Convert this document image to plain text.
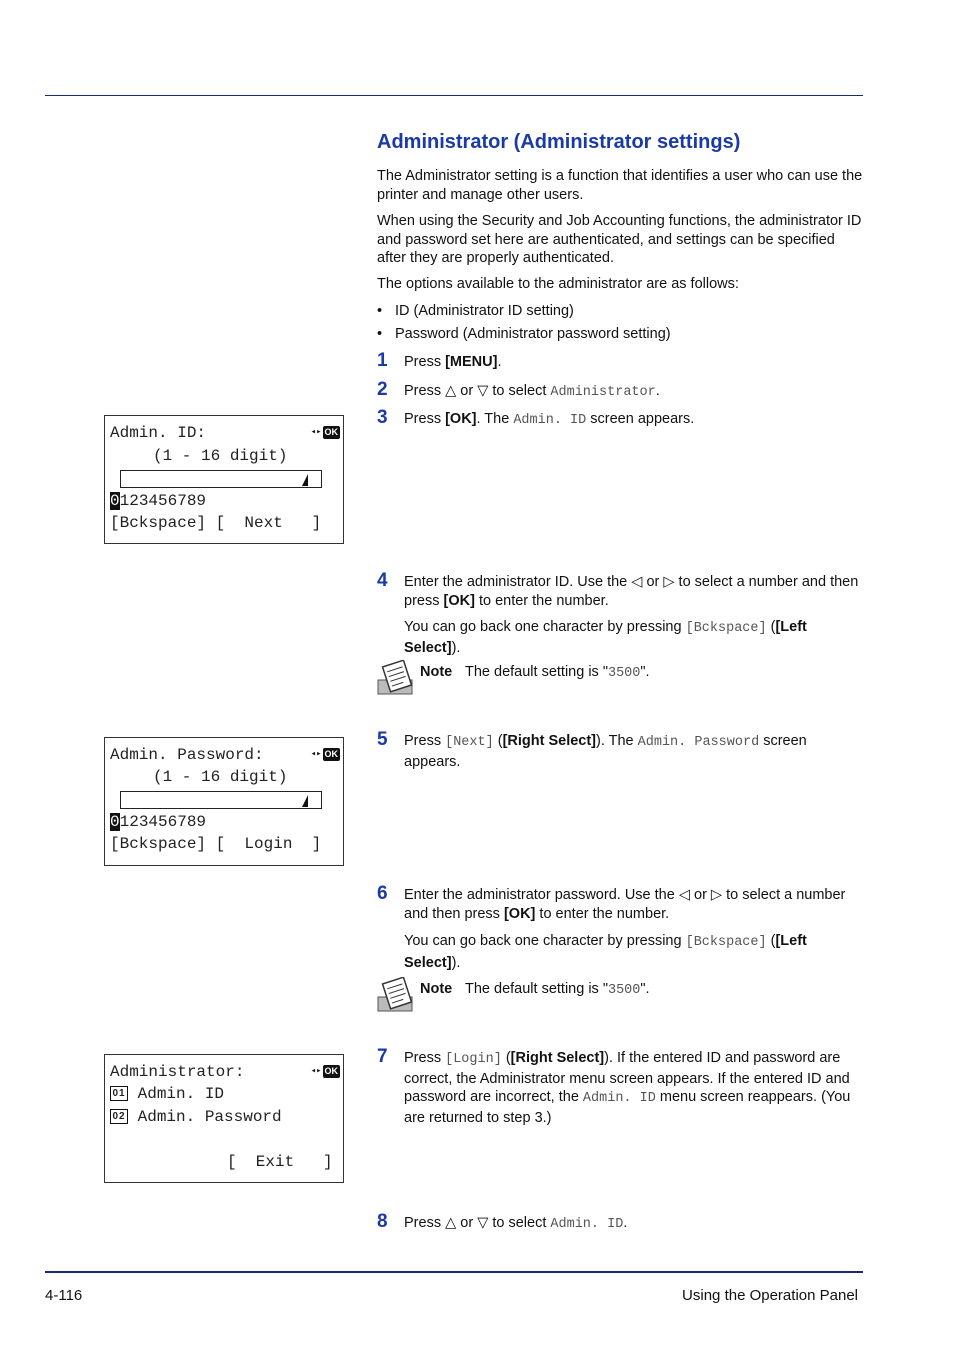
Administrator (Administrator settings)

The Administrator setting is a function that identifies a user who can use the printer and manage other users.

When using the Security and Job Accounting functions, the administrator ID and password set here are authenticated, and settings can be specified after they are properly authenticated.

The options available to the administrator are as follows:

• ID (Administrator ID setting)
• Password (Administrator password setting)
1 Press [MENU].
2 Press △ or ▽ to select Administrator.
3 Press [OK]. The Admin. ID screen appears.
Admin. ID:	◂▸ OK
(1 - 16 digit)
0123456789
[Bckspace] [  Next   ]
4 Enter the administrator ID. Use the ◁ or ▷ to select a number and then press [OK] to enter the number.
You can go back one character by pressing [Bckspace] ([Left Select]).
Note The default setting is "3500".
Admin. Password:	◂▸ OK
(1 - 16 digit)
0123456789
[Bckspace] [  Login  ]
5 Press [Next] ([Right Select]). The Admin. Password screen appears.
6 Enter the administrator password. Use the ◁ or ▷ to select a number and then press [OK] to enter the number.
You can go back one character by pressing [Bckspace] ([Left Select]).
Note The default setting is "3500".
Administrator:	◂▸ OK
01 Admin. ID
02 Admin. Password
[  Exit   ]
7 Press [Login] ([Right Select]). If the entered ID and password are correct, the Administrator menu screen appears. If the entered ID and password are incorrect, the Admin. ID menu screen reappears. (You are returned to step 3.)
8 Press △ or ▽ to select Admin. ID.
4-116	Using the Operation Panel
